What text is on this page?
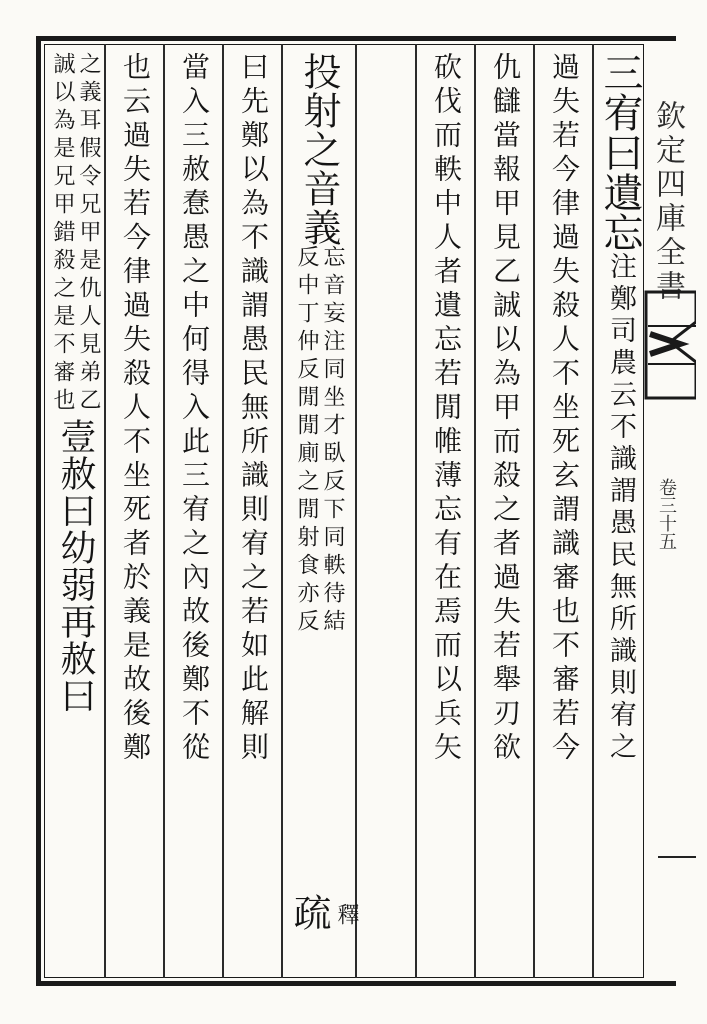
三宥曰遺忘
注鄭司農云不識謂愚民無所識則宥之
過失若今律過失殺人不坐死玄謂識審也不審若今
仇讎當報甲見乙誠以為甲而殺之者過失若舉刃欲
砍伐而軼中人者遺忘若閒帷薄忘有在焉而以兵矢
投射之音義
忘音妄注同坐才臥反下同軼待結
反中丁仲反閒閒廁之閒射食亦反
釋
疏
曰先鄭以為不識謂愚民無所識則宥之若如此解則
當入三赦惷愚之中何得入此三宥之內故後鄭不從
也云過失若今律過失殺人不坐死者於義是故後鄭
之義耳假令兄甲是仇人見弟乙
誠以為是兄甲錯殺之是不審也
壹赦曰幼弱再赦曰
欽定四庫全書
卷三十五
